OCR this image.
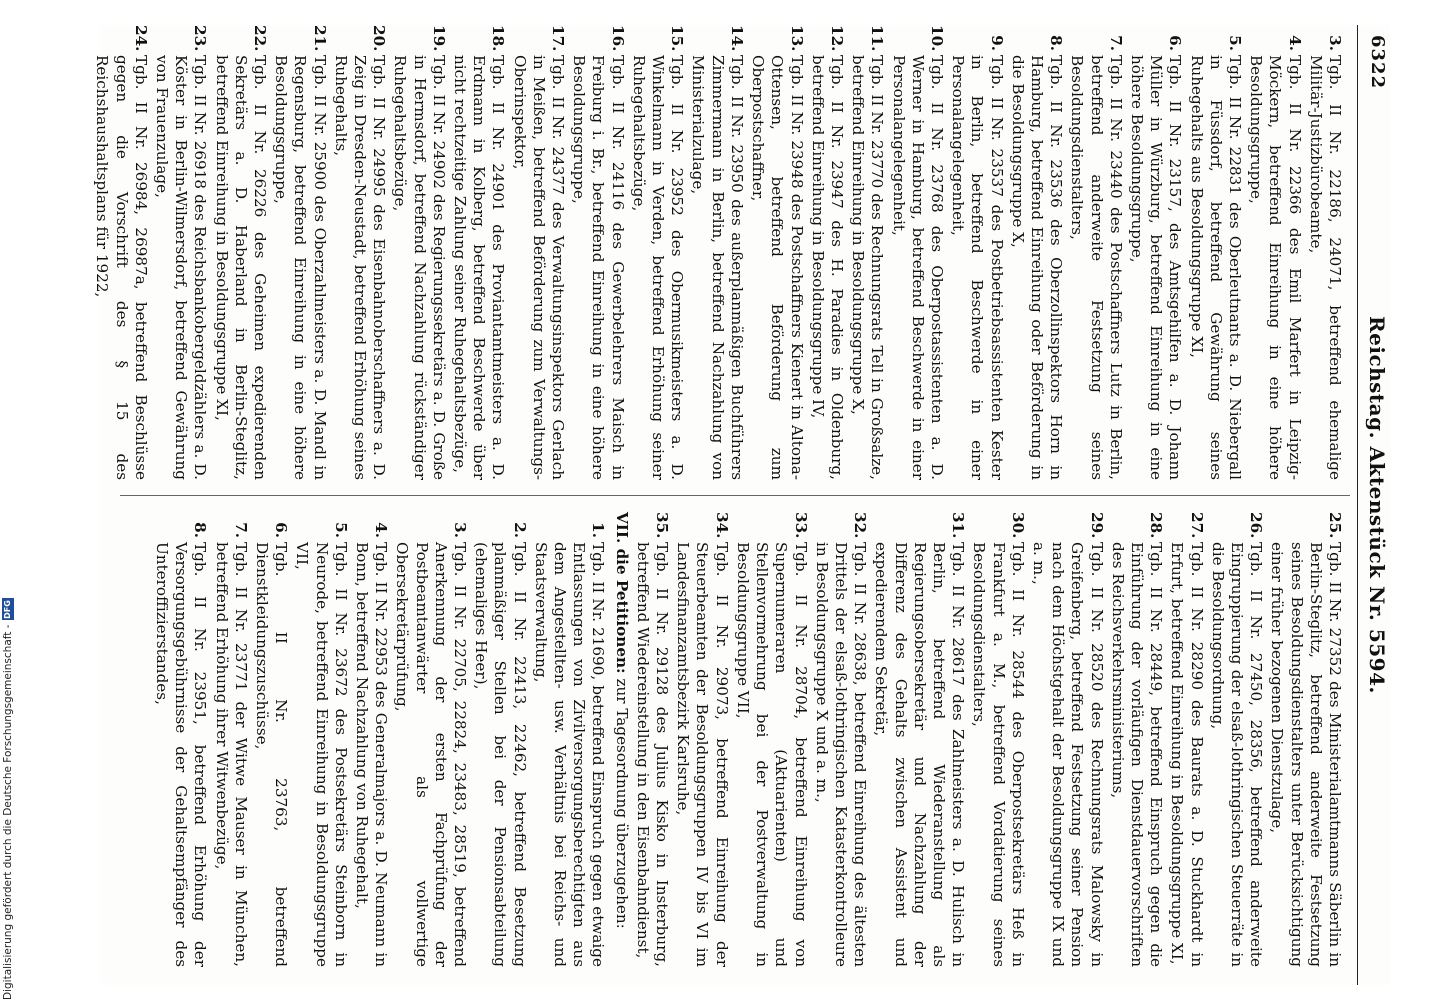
6322
Reichstag. Aktenstück Nr. 5594.
3.
Tgb. II Nr. 22186, 24071, betreffend ehemalige Militär-Justizbürobeamte,
4.
Tgb. II Nr. 22366 des Emil Marfert in Leipzig-Möckern, betreffend Einreihung in eine höhere Besoldungsgruppe,
5.
Tgb. II Nr. 22831 des Oberleutnants a. D. Niebergall in Füssdorf, betreffend Gewährung seines Ruhegehalts aus Besoldungsgruppe XI,
6.
Tgb. II Nr. 23157, des Amtsgehilfen a. D. Johann Müller in Würzburg, betreffend Einreihung in eine höhere Besoldungsgruppe,
7.
Tgb. II Nr. 23440 des Postschaffners Lutz in Berlin, betreffend anderweite Festsetzung seines Besoldungsdienstalters,
8.
Tgb. II Nr. 23536 des Oberzollinspektors Horn in Hamburg, betreffend Einreihung oder Beförderung in die Besoldungsgruppe X,
9.
Tgb. II Nr. 23537 des Postbetriebsassistenten Kester in Berlin, betreffend Beschwerde in einer Personalangelegenheit,
10.
Tgb. II Nr. 23768 des Oberpostassistenten a. D. Werner in Hamburg, betreffend Beschwerde in einer Personalangelegenheit,
11.
Tgb. II Nr. 23770 des Rechnungsrats Tell in Großsalze, betreffend Einreihung in Besoldungsgruppe X,
12.
Tgb. II Nr. 23947 des H. Paradies in Oldenburg, betreffend Einreihung in Besoldungsgruppe IV,
13.
Tgb. II Nr. 23948 des Postschaffners Kienert in Altona-Ottensen, betreffend Beförderung zum Oberpostschaffner,
14.
Tgb. II Nr. 23950 des außerplanmäßigen Buchführers Zimmermann in Berlin, betreffend Nachzahlung von Ministerialzulage,
15.
Tgb. II Nr. 23952 des Obermusikmeisters a. D. Winkelmann in Verden, betreffend Erhöhung seiner Ruhegehaltsbezüge,
16.
Tgb. II Nr. 24116 des Gewerbelehrers Maisch in Freiburg i. Br., betreffend Einreihung in eine höhere Besoldungsgruppe,
17.
Tgb. II Nr. 24377 des Verwaltungsinspektors Gerlach in Meißen, betreffend Beförderung zum Verwaltungs-Oberinspektor,
18.
Tgb. II Nr. 24901 des Proviantamtmeisters a. D. Erdmann in Kolberg, betreffend Beschwerde über nicht rechtzeitige Zahlung seiner Ruhegehaltsbezüge,
19.
Tgb. II Nr. 24902 des Regierungssekretärs a. D. Große in Hermsdorf, betreffend Nachzahlung rückständiger Ruhegehaltsbezüge,
20.
Tgb. II Nr. 24995 des Eisenbahnoberschaffners a. D. Zeig in Dresden-Neustadt, betreffend Erhöhung seines Ruhegehalts,
21.
Tgb. II Nr. 25900 des Oberzahlmeisters a. D. Mandl in Regensburg, betreffend Einreihung in eine höhere Besoldungsgruppe,
22.
Tgb. II Nr. 26226 des Geheimen expedierenden Sekretärs a. D. Haberland in Berlin-Steglitz, betreffend Einreihung in Besoldungsgruppe XI,
23.
Tgb. II Nr. 26918 des Reichsbankobergeldzählers a. D. Köster in Berlin-Wilmersdorf, betreffend Gewährung von Frauenzulage,
24.
Tgb. II Nr. 26984, 26987a, betreffend Beschlüsse gegen die Vorschrift des § 15 des Reichshaushaltsplans für 1922,
25.
Tgb. II Nr. 27352 des Ministerialamtmanns Säberlin in Berlin-Steglitz, betreffend anderweite Festsetzung seines Besoldungsdienstalters unter Berücksichtigung einer früher bezogenen Dienstzulage,
26.
Tgb. II Nr. 27450, 28356, betreffend anderweite Eingruppierung der elsaß-lothringischen Steuerräte in die Besoldungsordnung,
27.
Tgb. II Nr. 28290 des Baurats a. D. Stuckhardt in Erfurt, betreffend Einreihung in Besoldungsgruppe XI,
28.
Tgb. II Nr. 28449, betreffend Einspruch gegen die Einführung der vorläufigen Dienstdauervorschriften des Reichsverkehrsministeriums,
29.
Tgb. II Nr. 28520 des Rechnungsrats Malowsky in Greifenberg, betreffend Festsetzung seiner Pension nach dem Höchstgehalt der Besoldungsgruppe IX und a. m.,
30.
Tgb. II Nr. 28544 des Oberpostsekretärs Heß in Frankfurt a. M., betreffend Vordatierung seines Besoldungsdienstalters,
31.
Tgb. II Nr. 28617 des Zahlmeisters a. D. Hulisch in Berlin, betreffend Wiederanstellung als Regierungsobersekretär und Nachzahlung der Differenz des Gehalts zwischen Assistent und expedierendem Sekretär,
32.
Tgb. II Nr. 28638, betreffend Einreihung des ältesten Drittels der elsaß-lothringischen Katasterkontrolleure in Besoldungsgruppe X und a. m.,
33.
Tgb. II Nr. 28704, betreffend Einreihung von Supernumeraren (Aktuarienten) und Stellenvormehrung bei der Postverwaltung in Besoldungsgruppe VII,
34.
Tgb. II Nr. 29073, betreffend Einreihung der Steuerbeamten der Besoldungsgruppen IV bis VI im Landesfinanzamtsbezirk Karlsruhe,
35.
Tgb. II Nr. 29128 des Julius Kisko in Insterburg, betreffend Wiedereinstellung in den Eisenbahndienst,
VII. die Petitionen: zur Tagesordnung überzugehen:
1.
Tgb. II Nr. 21690, betreffend Einspruch gegen etwaige Entlassungen von Zivilversorgungsberechtigten aus dem Angestellten- usw. Verhältnis bei Reichs- und Staatsverwaltung,
2.
Tgb. II Nr. 22413, 22462, betreffend Besetzung planmäßiger Stellen bei der Pensionsabteilung (ehemaliges Heer),
3.
Tgb. II Nr. 22705, 22824, 23483, 28519, betreffend Anerkennung der ersten Fachprüfung der Postbeamtanwärter als vollwertige Obersekretärprüfung,
4.
Tgb. II Nr. 22953 des Generalmajors a. D. Neumann in Bonn, betreffend Nachzahlung von Ruhegehalt,
5.
Tgb. II Nr. 23672 des Postsekretärs Steinborn in Neurode, betreffend Einreihung in Besoldungsgruppe VII,
6.
Tgb. II Nr. 23763, betreffend Dienstkleidungszuschüsse,
7.
Tgb. II Nr. 23771 der Witwe Mauser in München, betreffend Erhöhung ihrer Witwenbezüge,
8.
Tgb. II Nr. 23951, betreffend Erhöhung der Versorgungsgebührnisse der Gehaltsempfänger des Unteroffizierstandes,
Digitalisierung gefördert durch die Deutsche Forschungsgemeinschaft -
DFG
